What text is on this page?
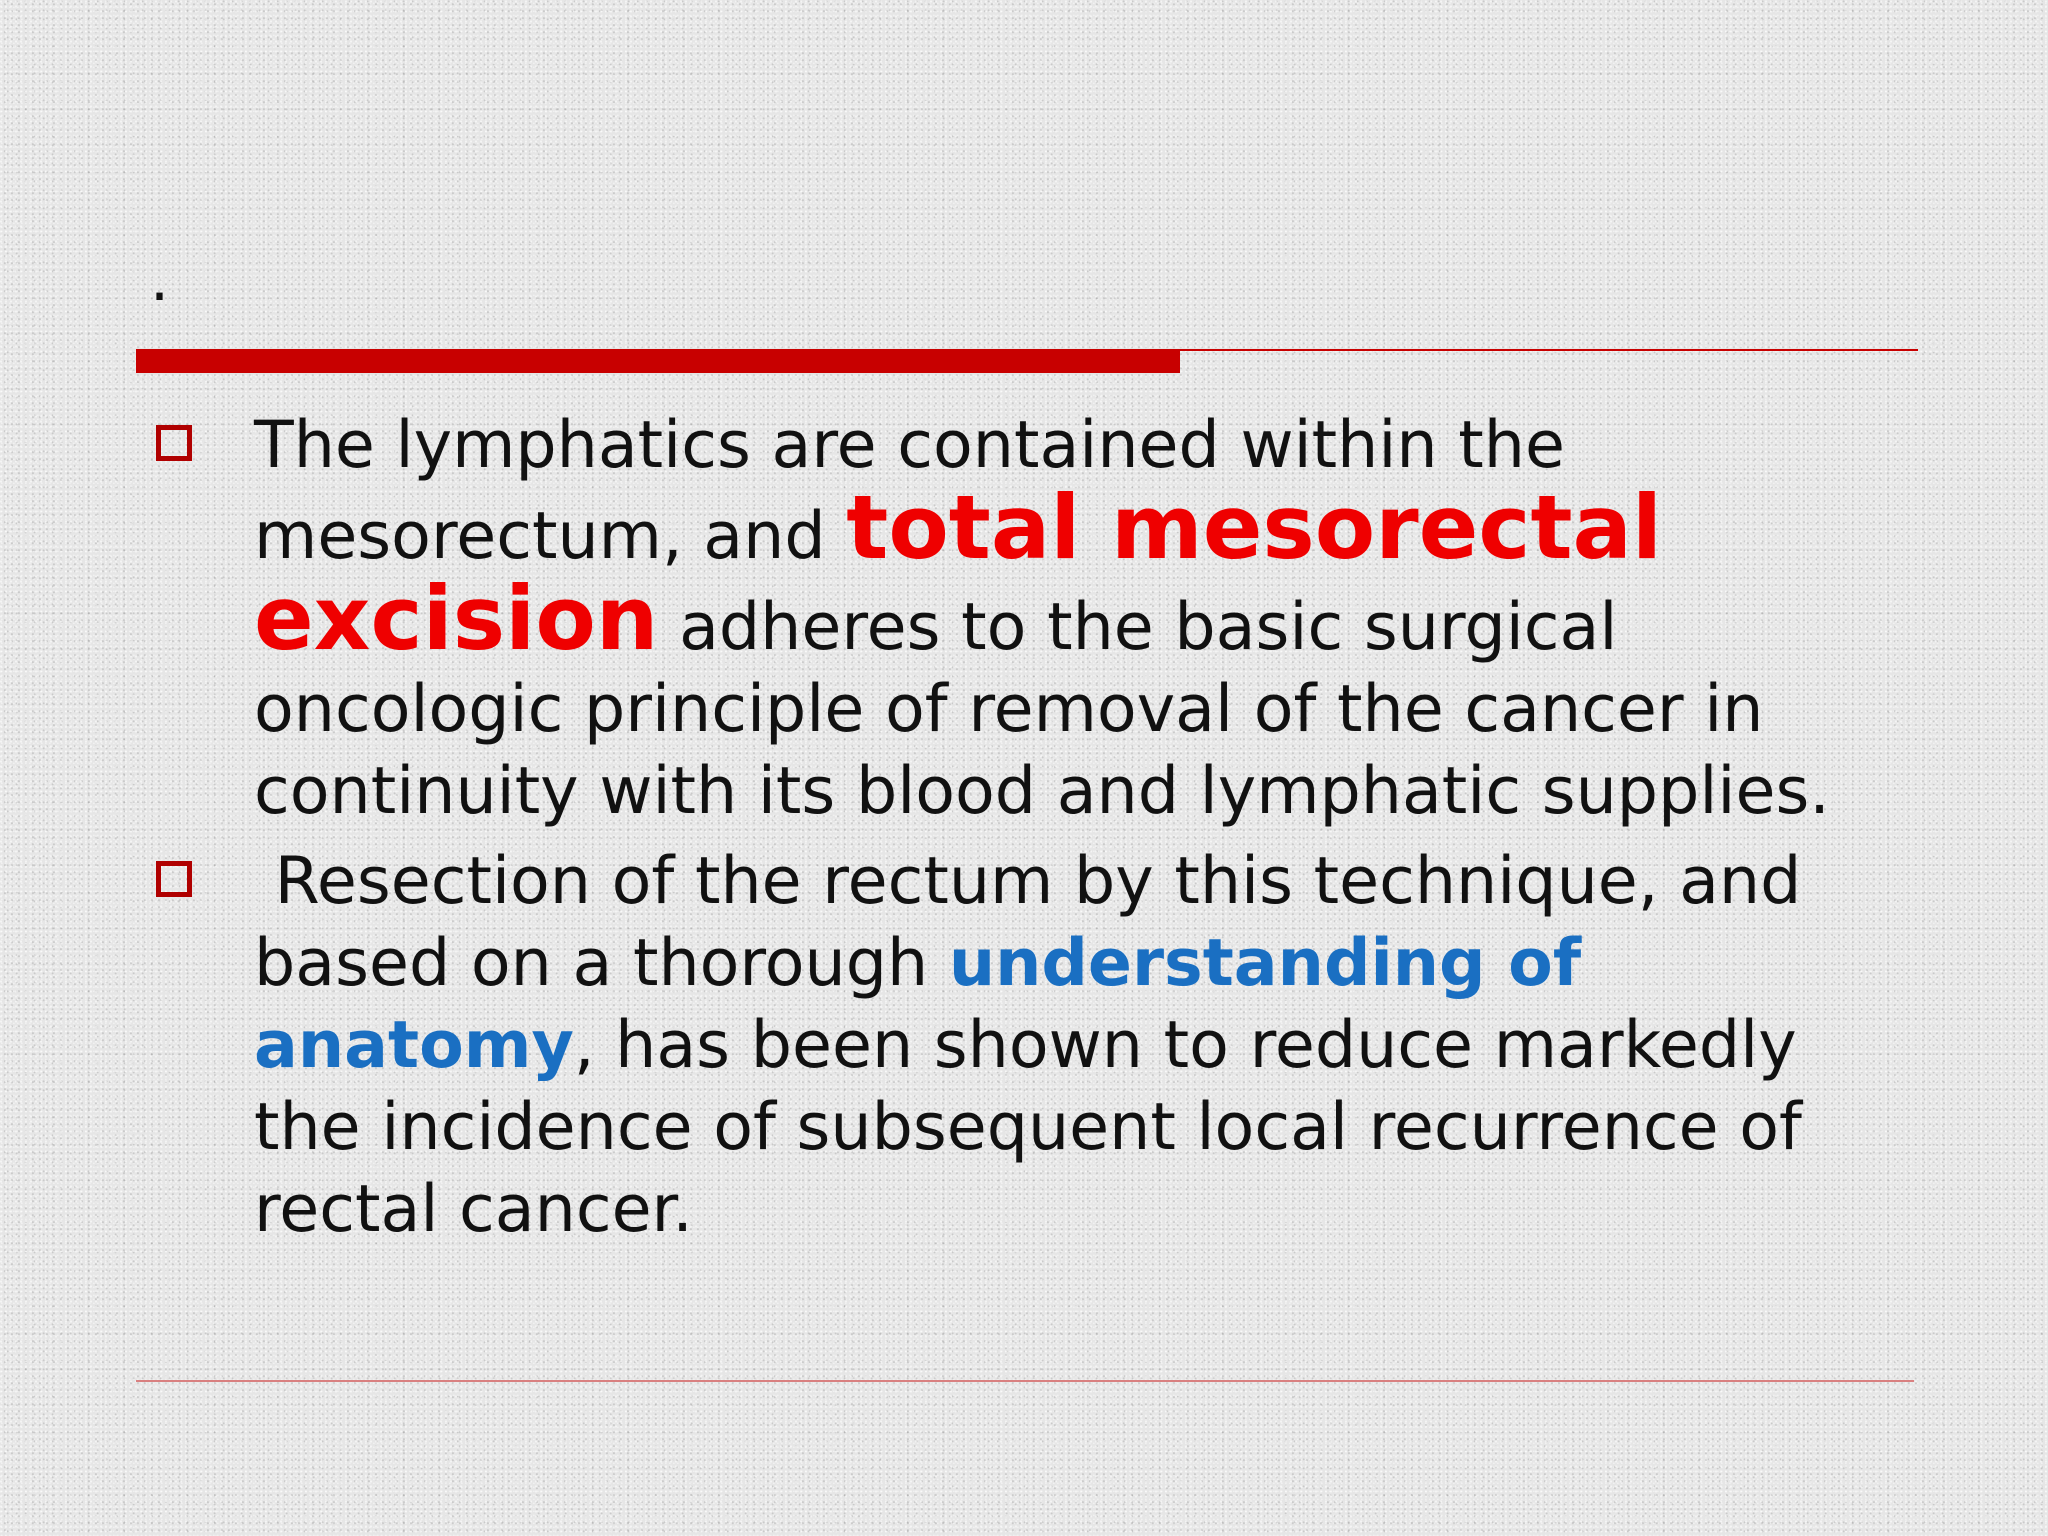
.
The lymphatics are contained within the mesorectum, and total mesorectal excision adheres to the basic surgical oncologic principle of removal of the cancer in continuity with its blood and lymphatic supplies.
Resection of the rectum by this technique, and based on a thorough understanding of anatomy, has been shown to reduce markedly the incidence of subsequent local recurrence of rectal cancer.
